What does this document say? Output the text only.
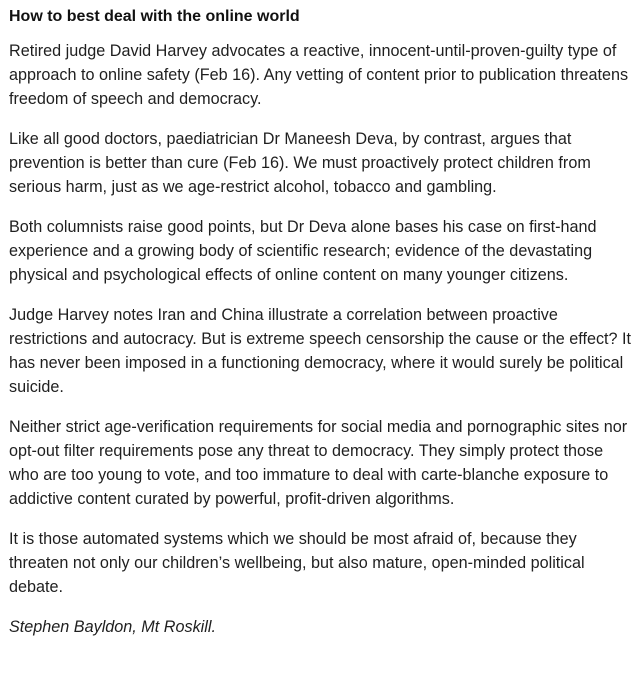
How to best deal with the online world

Retired judge David Harvey advocates a reactive, innocent-until-proven-guilty type of approach to online safety (Feb 16). Any vetting of content prior to publication threatens freedom of speech and democracy.

Like all good doctors, paediatrician Dr Maneesh Deva, by contrast, argues that prevention is better than cure (Feb 16). We must proactively protect children from serious harm, just as we age-restrict alcohol, tobacco and gambling.

Both columnists raise good points, but Dr Deva alone bases his case on first-hand experience and a growing body of scientific research; evidence of the devastating physical and psychological effects of online content on many younger citizens.

Judge Harvey notes Iran and China illustrate a correlation between proactive restrictions and autocracy. But is extreme speech censorship the cause or the effect? It has never been imposed in a functioning democracy, where it would surely be political suicide.

Neither strict age-verification requirements for social media and pornographic sites nor opt-out filter requirements pose any threat to democracy. They simply protect those who are too young to vote, and too immature to deal with carte-blanche exposure to addictive content curated by powerful, profit-driven algorithms.

It is those automated systems which we should be most afraid of, because they threaten not only our children’s wellbeing, but also mature, open-minded political debate.

Stephen Bayldon, Mt Roskill.
